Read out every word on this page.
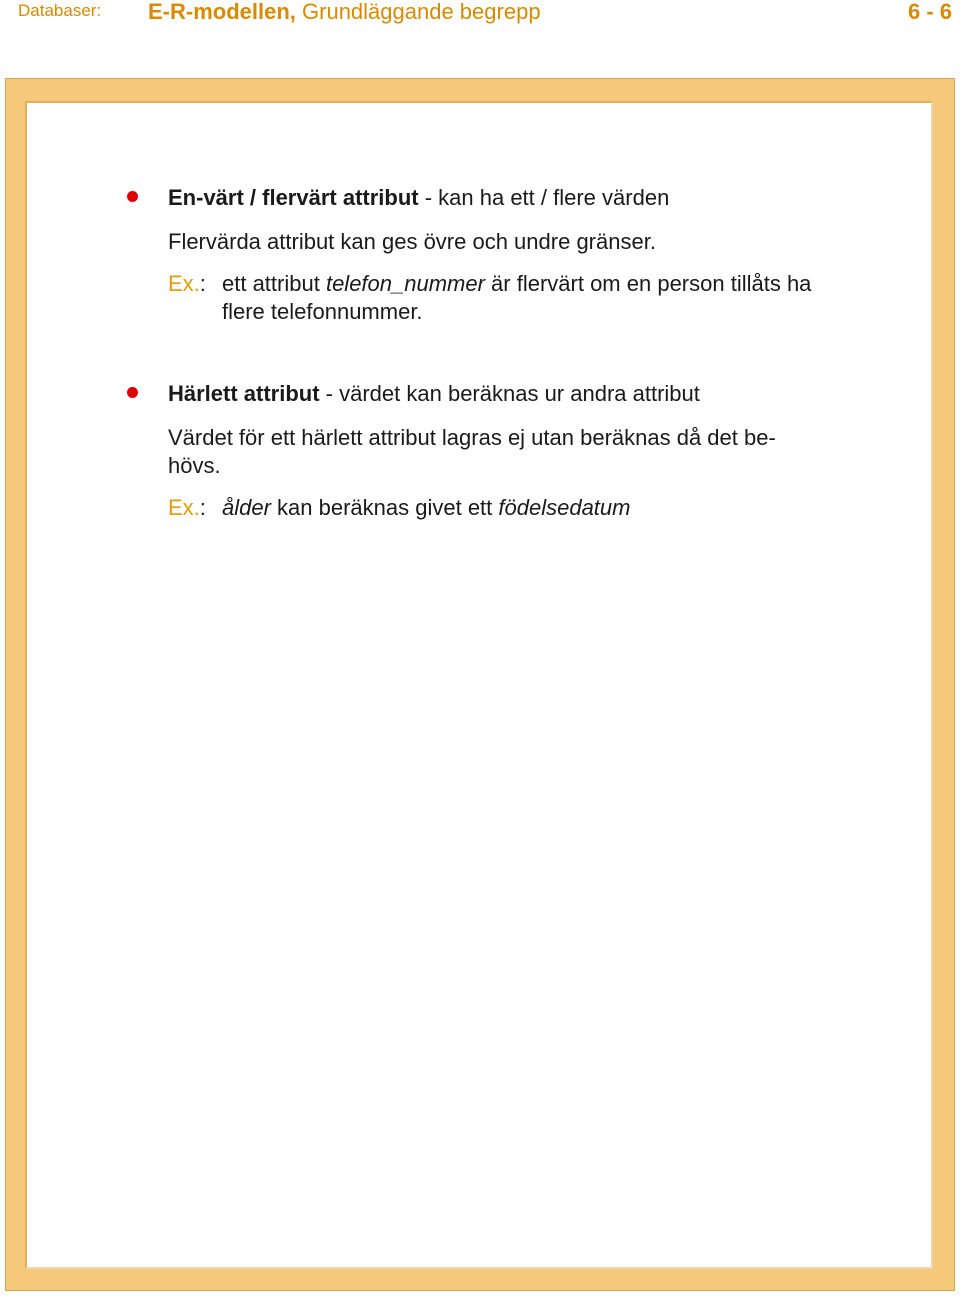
Databaser: E-R-modellen, Grundläggande begrepp	6 - 6
En-värt / flervärt attribut - kan ha ett / flere värden
Flervärda attribut kan ges övre och undre gränser.
Ex.: ett attribut telefon_nummer är flervärt om en person tillåts ha
flere telefonnummer.
Härlett attribut - värdet kan beräknas ur andra attribut
Värdet för ett härlett attribut lagras ej utan beräknas då det be-
hövs.
Ex.: ålder kan beräknas givet ett födelsedatum
